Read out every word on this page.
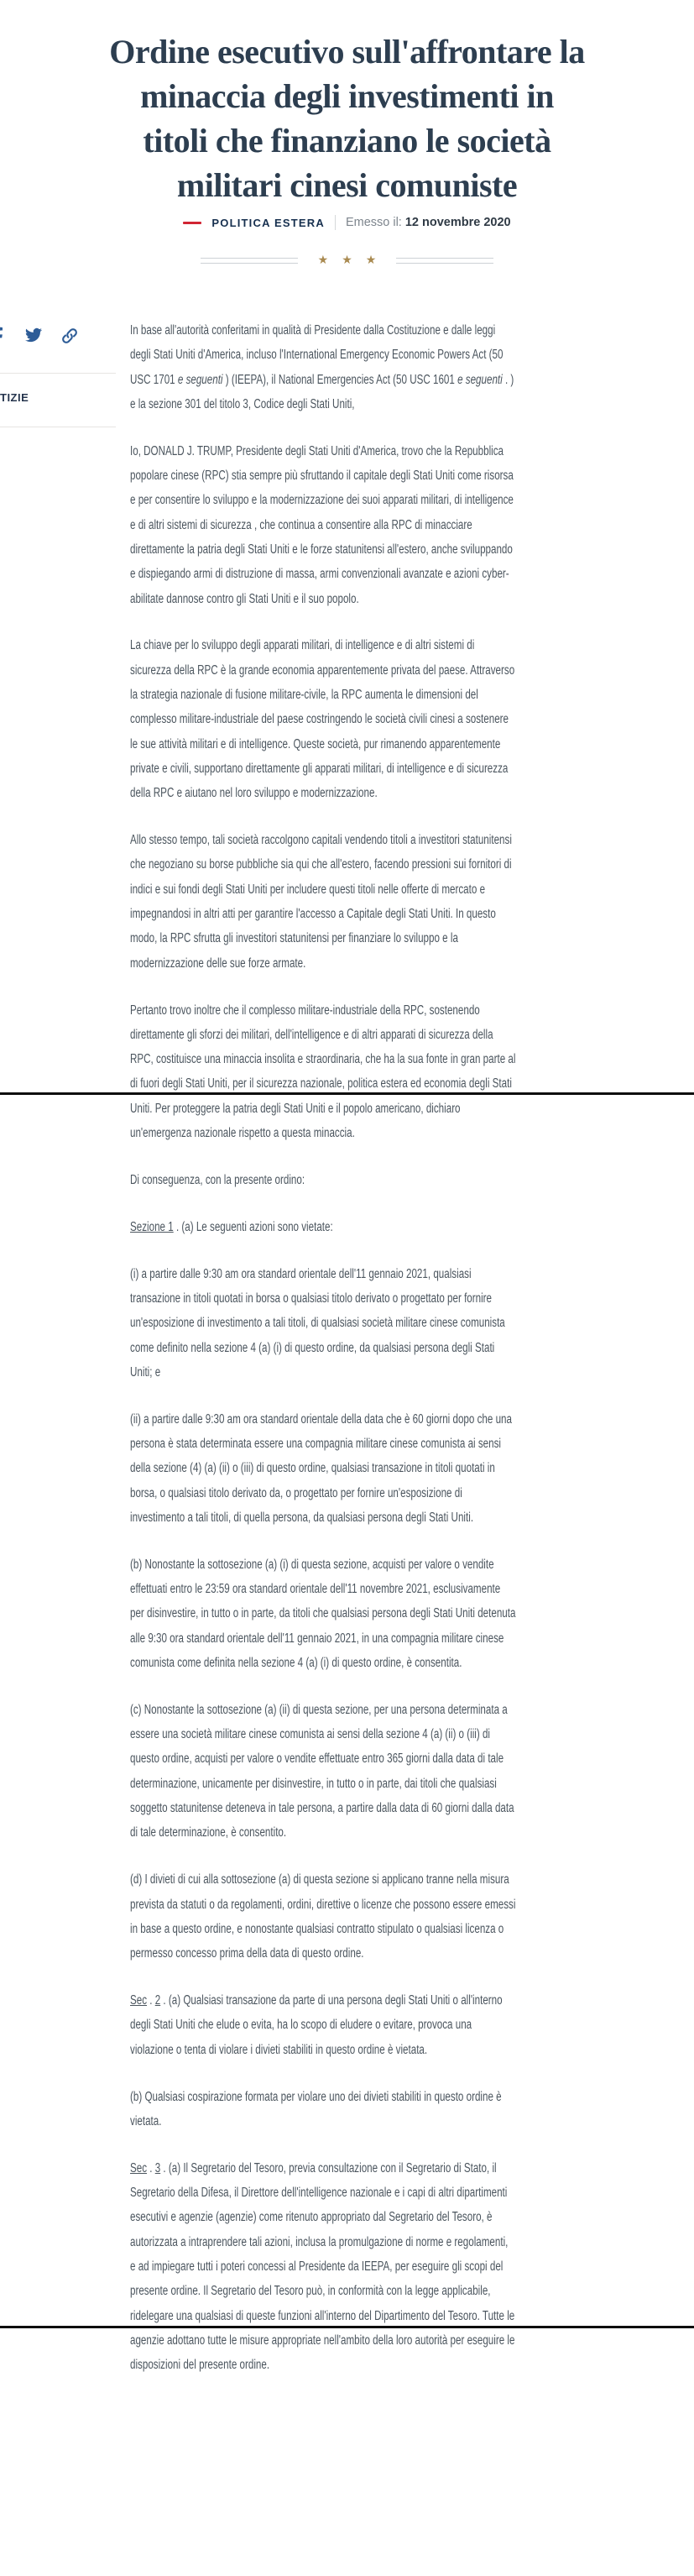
Ordine esecutivo sull'affrontare la
minaccia degli investimenti in
titoli che finanziano le società
militari cinesi comuniste
POLITICA ESTERA Emesso il: 12 novembre 2020
★ ★ ★
TIZIE

In base all'autorità conferitami in qualità di Presidente dalla Costituzione e dalle leggi degli Stati Uniti d'America, incluso l'International Emergency Economic Powers Act (50 USC 1701 e seguenti ) (IEEPA), il National Emergencies Act (50 USC 1601 e seguenti . ) e la sezione 301 del titolo 3, Codice degli Stati Uniti,

Io, DONALD J. TRUMP, Presidente degli Stati Uniti d'America, trovo che la Repubblica popolare cinese (RPC) stia sempre più sfruttando il capitale degli Stati Uniti come risorsa e per consentire lo sviluppo e la modernizzazione dei suoi apparati militari, di intelligence e di altri sistemi di sicurezza , che continua a consentire alla RPC di minacciare direttamente la patria degli Stati Uniti e le forze statunitensi all'estero, anche sviluppando e dispiegando armi di distruzione di massa, armi convenzionali avanzate e azioni cyber-abilitate dannose contro gli Stati Uniti e il suo popolo.

La chiave per lo sviluppo degli apparati militari, di intelligence e di altri sistemi di sicurezza della RPC è la grande economia apparentemente privata del paese. Attraverso la strategia nazionale di fusione militare-civile, la RPC aumenta le dimensioni del complesso militare-industriale del paese costringendo le società civili cinesi a sostenere le sue attività militari e di intelligence. Queste società, pur rimanendo apparentemente private e civili, supportano direttamente gli apparati militari, di intelligence e di sicurezza della RPC e aiutano nel loro sviluppo e modernizzazione.

Allo stesso tempo, tali società raccolgono capitali vendendo titoli a investitori statunitensi che negoziano su borse pubbliche sia qui che all'estero, facendo pressioni sui fornitori di indici e sui fondi degli Stati Uniti per includere questi titoli nelle offerte di mercato e impegnandosi in altri atti per garantire l'accesso a Capitale degli Stati Uniti. In questo modo, la RPC sfrutta gli investitori statunitensi per finanziare lo sviluppo e la modernizzazione delle sue forze armate.

Pertanto trovo inoltre che il complesso militare-industriale della RPC, sostenendo direttamente gli sforzi dei militari, dell'intelligence e di altri apparati di sicurezza della RPC, costituisce una minaccia insolita e straordinaria, che ha la sua fonte in gran parte al di fuori degli Stati Uniti, per il sicurezza nazionale, politica estera ed economia degli Stati Uniti. Per proteggere la patria degli Stati Uniti e il popolo americano, dichiaro un'emergenza nazionale rispetto a questa minaccia.

Di conseguenza, con la presente ordino:

Sezione 1 . (a) Le seguenti azioni sono vietate:

(i) a partire dalle 9:30 am ora standard orientale dell'11 gennaio 2021, qualsiasi transazione in titoli quotati in borsa o qualsiasi titolo derivato o progettato per fornire un'esposizione di investimento a tali titoli, di qualsiasi società militare cinese comunista come definito nella sezione 4 (a) (i) di questo ordine, da qualsiasi persona degli Stati Uniti; e

(ii) a partire dalle 9:30 am ora standard orientale della data che è 60 giorni dopo che una persona è stata determinata essere una compagnia militare cinese comunista ai sensi della sezione (4) (a) (ii) o (iii) di questo ordine, qualsiasi transazione in titoli quotati in borsa, o qualsiasi titolo derivato da, o progettato per fornire un'esposizione di investimento a tali titoli, di quella persona, da qualsiasi persona degli Stati Uniti.

(b) Nonostante la sottosezione (a) (i) di questa sezione, acquisti per valore o vendite effettuati entro le 23:59 ora standard orientale dell'11 novembre 2021, esclusivamente per disinvestire, in tutto o in parte, da titoli che qualsiasi persona degli Stati Uniti detenuta alle 9:30 ora standard orientale dell'11 gennaio 2021, in una compagnia militare cinese comunista come definita nella sezione 4 (a) (i) di questo ordine, è consentita.

(c) Nonostante la sottosezione (a) (ii) di questa sezione, per una persona determinata a essere una società militare cinese comunista ai sensi della sezione 4 (a) (ii) o (iii) di questo ordine, acquisti per valore o vendite effettuate entro 365 giorni dalla data di tale determinazione, unicamente per disinvestire, in tutto o in parte, dai titoli che qualsiasi soggetto statunitense deteneva in tale persona, a partire dalla data di 60 giorni dalla data di tale determinazione, è consentito.

(d) I divieti di cui alla sottosezione (a) di questa sezione si applicano tranne nella misura prevista da statuti o da regolamenti, ordini, direttive o licenze che possono essere emessi in base a questo ordine, e nonostante qualsiasi contratto stipulato o qualsiasi licenza o permesso concesso prima della data di questo ordine.

Sec . 2 . (a) Qualsiasi transazione da parte di una persona degli Stati Uniti o all'interno degli Stati Uniti che elude o evita, ha lo scopo di eludere o evitare, provoca una violazione o tenta di violare i divieti stabiliti in questo ordine è vietata.

(b) Qualsiasi cospirazione formata per violare uno dei divieti stabiliti in questo ordine è vietata.

Sec . 3 . (a) Il Segretario del Tesoro, previa consultazione con il Segretario di Stato, il Segretario della Difesa, il Direttore dell'intelligence nazionale e i capi di altri dipartimenti esecutivi e agenzie (agenzie) come ritenuto appropriato dal Segretario del Tesoro, è autorizzata a intraprendere tali azioni, inclusa la promulgazione di norme e regolamenti, e ad impiegare tutti i poteri concessi al Presidente da IEEPA, per eseguire gli scopi del presente ordine. Il Segretario del Tesoro può, in conformità con la legge applicabile, ridelegare una qualsiasi di queste funzioni all'interno del Dipartimento del Tesoro. Tutte le agenzie adottano tutte le misure appropriate nell'ambito della loro autorità per eseguire le disposizioni del presente ordine.
